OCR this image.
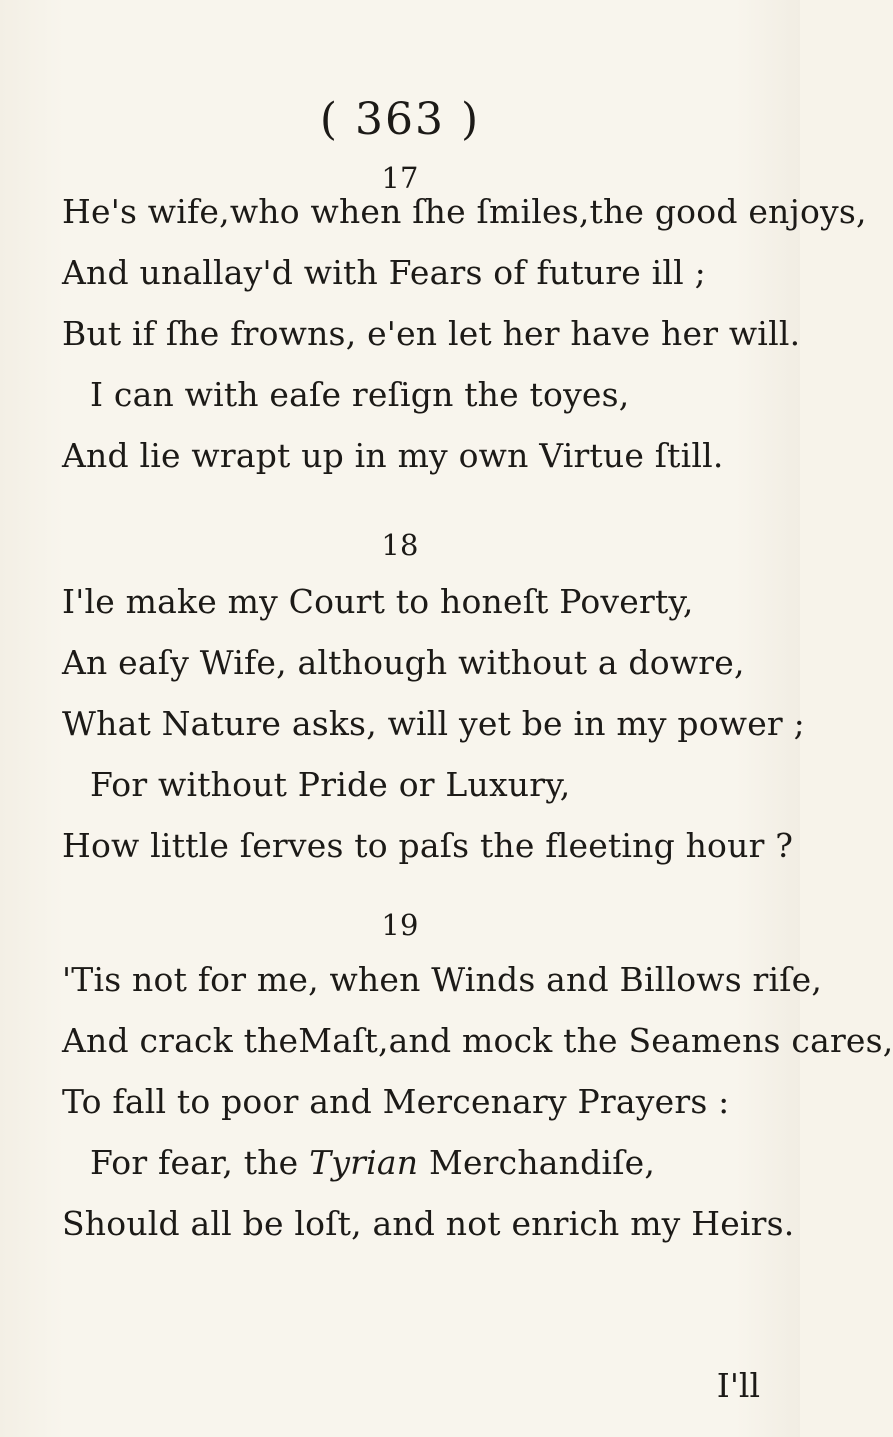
( 363 )
17
He's wife,who when ſhe ſmiles,the good enjoys,
And unallay'd with Fears of future ill ;
But if ſhe frowns, e'en let her have her will.
I can with eaſe reſign the toyes,
And lie wrapt up in my own Virtue ſtill.
18
I'le make my Court to honeſt Poverty,
An eaſy Wife, although without a dowre,
What Nature asks, will yet be in my power ;
For without Pride or Luxury,
How little ſerves to paſs the fleeting hour ?
19
'Tis not for me, when Winds and Billows riſe,
And crack theMaſt,and mock the Seamens cares,
To fall to poor and Mercenary Prayers :
For fear, the Tyrian Merchandiſe,
Should all be loſt, and not enrich my Heirs.
I'll
